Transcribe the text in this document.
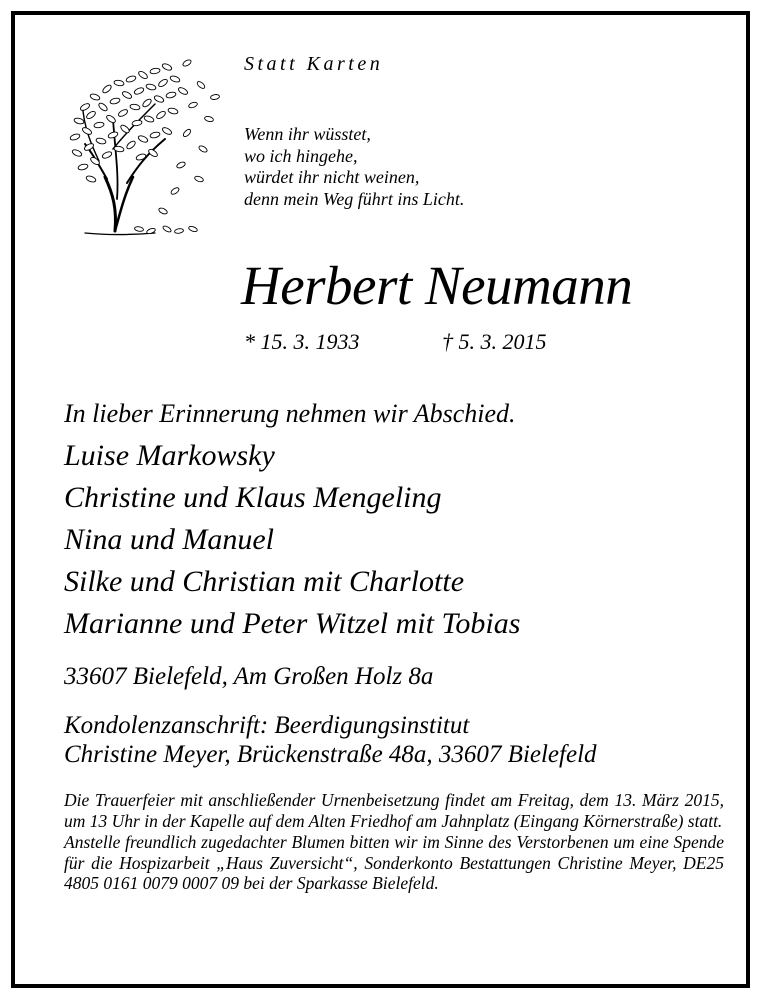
Statt Karten
Wenn ihr wüsstet,
wo ich hingehe,
würdet ihr nicht weinen,
denn mein Weg führt ins Licht.
Herbert Neumann
* 15. 3. 1933	† 5. 3. 2015
In lieber Erinnerung nehmen wir Abschied.
Luise Markowsky
Christine und Klaus Mengeling
Nina und Manuel
Silke und Christian mit Charlotte
Marianne und Peter Witzel mit Tobias
33607 Bielefeld, Am Großen Holz 8a
Kondolenzanschrift: Beerdigungsinstitut
Christine Meyer, Brückenstraße 48a, 33607 Bielefeld

Die Trauerfeier mit anschließender Urnenbeisetzung findet am Freitag, dem 13. März 2015, um 13 Uhr in der Kapelle auf dem Alten Friedhof am Jahnplatz (Eingang Körnerstraße) statt.

Anstelle freundlich zugedachter Blumen bitten wir im Sinne des Verstorbenen um eine Spende für die Hospizarbeit „Haus Zuversicht“, Sonderkonto Bestattungen Christine Meyer, DE25 4805 0161 0079 0007 09 bei der Sparkasse Bielefeld.
